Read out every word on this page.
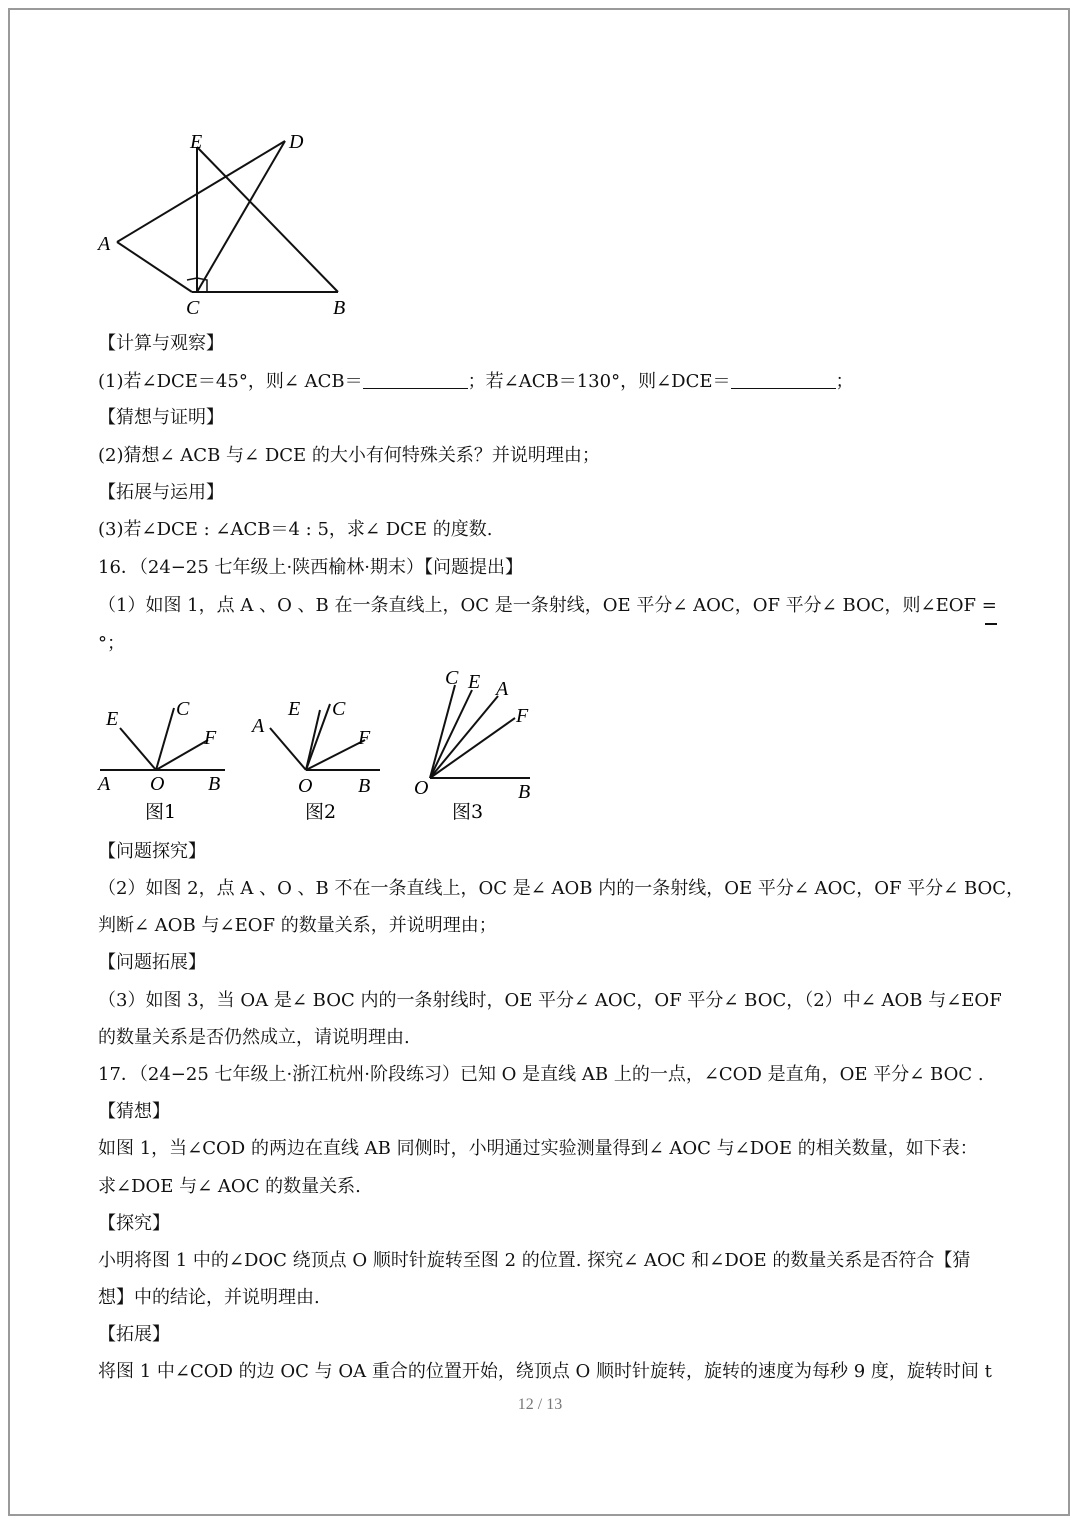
E	D
A
C	B
【计算与观察】
(1)若∠DCE＝45°，则∠ ACB＝	；若∠ACB＝130°，则∠DCE＝	；
【猜想与证明】
(2)猜想∠ ACB 与∠ DCE 的大小有何特殊关系？并说明理由；
【拓展与运用】
(3)若∠DCE : ∠ACB＝4 : 5，求∠ DCE 的度数.
16．（24−25 七年级上·陕西榆林·期末）【问题提出】
（1）如图 1，点 A 、O 、B 在一条直线上，OC 是一条射线，OE 平分∠ AOC，OF 平分∠ BOC，则∠EOF =
°；
E	C
F
A O B
图1
A
E C
F
O B
图2
C E A
F
O	B
图3
【问题探究】
（2）如图 2，点 A 、O 、B 不在一条直线上，OC 是∠ AOB 内的一条射线，OE 平分∠ AOC，OF 平分∠ BOC，
判断∠ AOB 与∠EOF 的数量关系，并说明理由；
【问题拓展】
（3）如图 3，当 OA 是∠ BOC 内的一条射线时，OE 平分∠ AOC，OF 平分∠ BOC，（2）中∠ AOB 与∠EOF
的数量关系是否仍然成立，请说明理由.
17．（24−25 七年级上·浙江杭州·阶段练习）已知 O 是直线 AB 上的一点，∠COD 是直角，OE 平分∠ BOC .
【猜想】
如图 1，当∠COD 的两边在直线 AB 同侧时，小明通过实验测量得到∠ AOC 与∠DOE 的相关数量，如下表：
求∠DOE 与∠ AOC 的数量关系.
【探究】
小明将图 1 中的∠DOC 绕顶点 O 顺时针旋转至图 2 的位置. 探究∠ AOC 和∠DOE 的数量关系是否符合【猜
想】中的结论，并说明理由.
【拓展】
将图 1 中∠COD 的边 OC 与 OA 重合的位置开始，绕顶点 O 顺时针旋转，旋转的速度为每秒 9 度，旋转时间 t
12 / 13
